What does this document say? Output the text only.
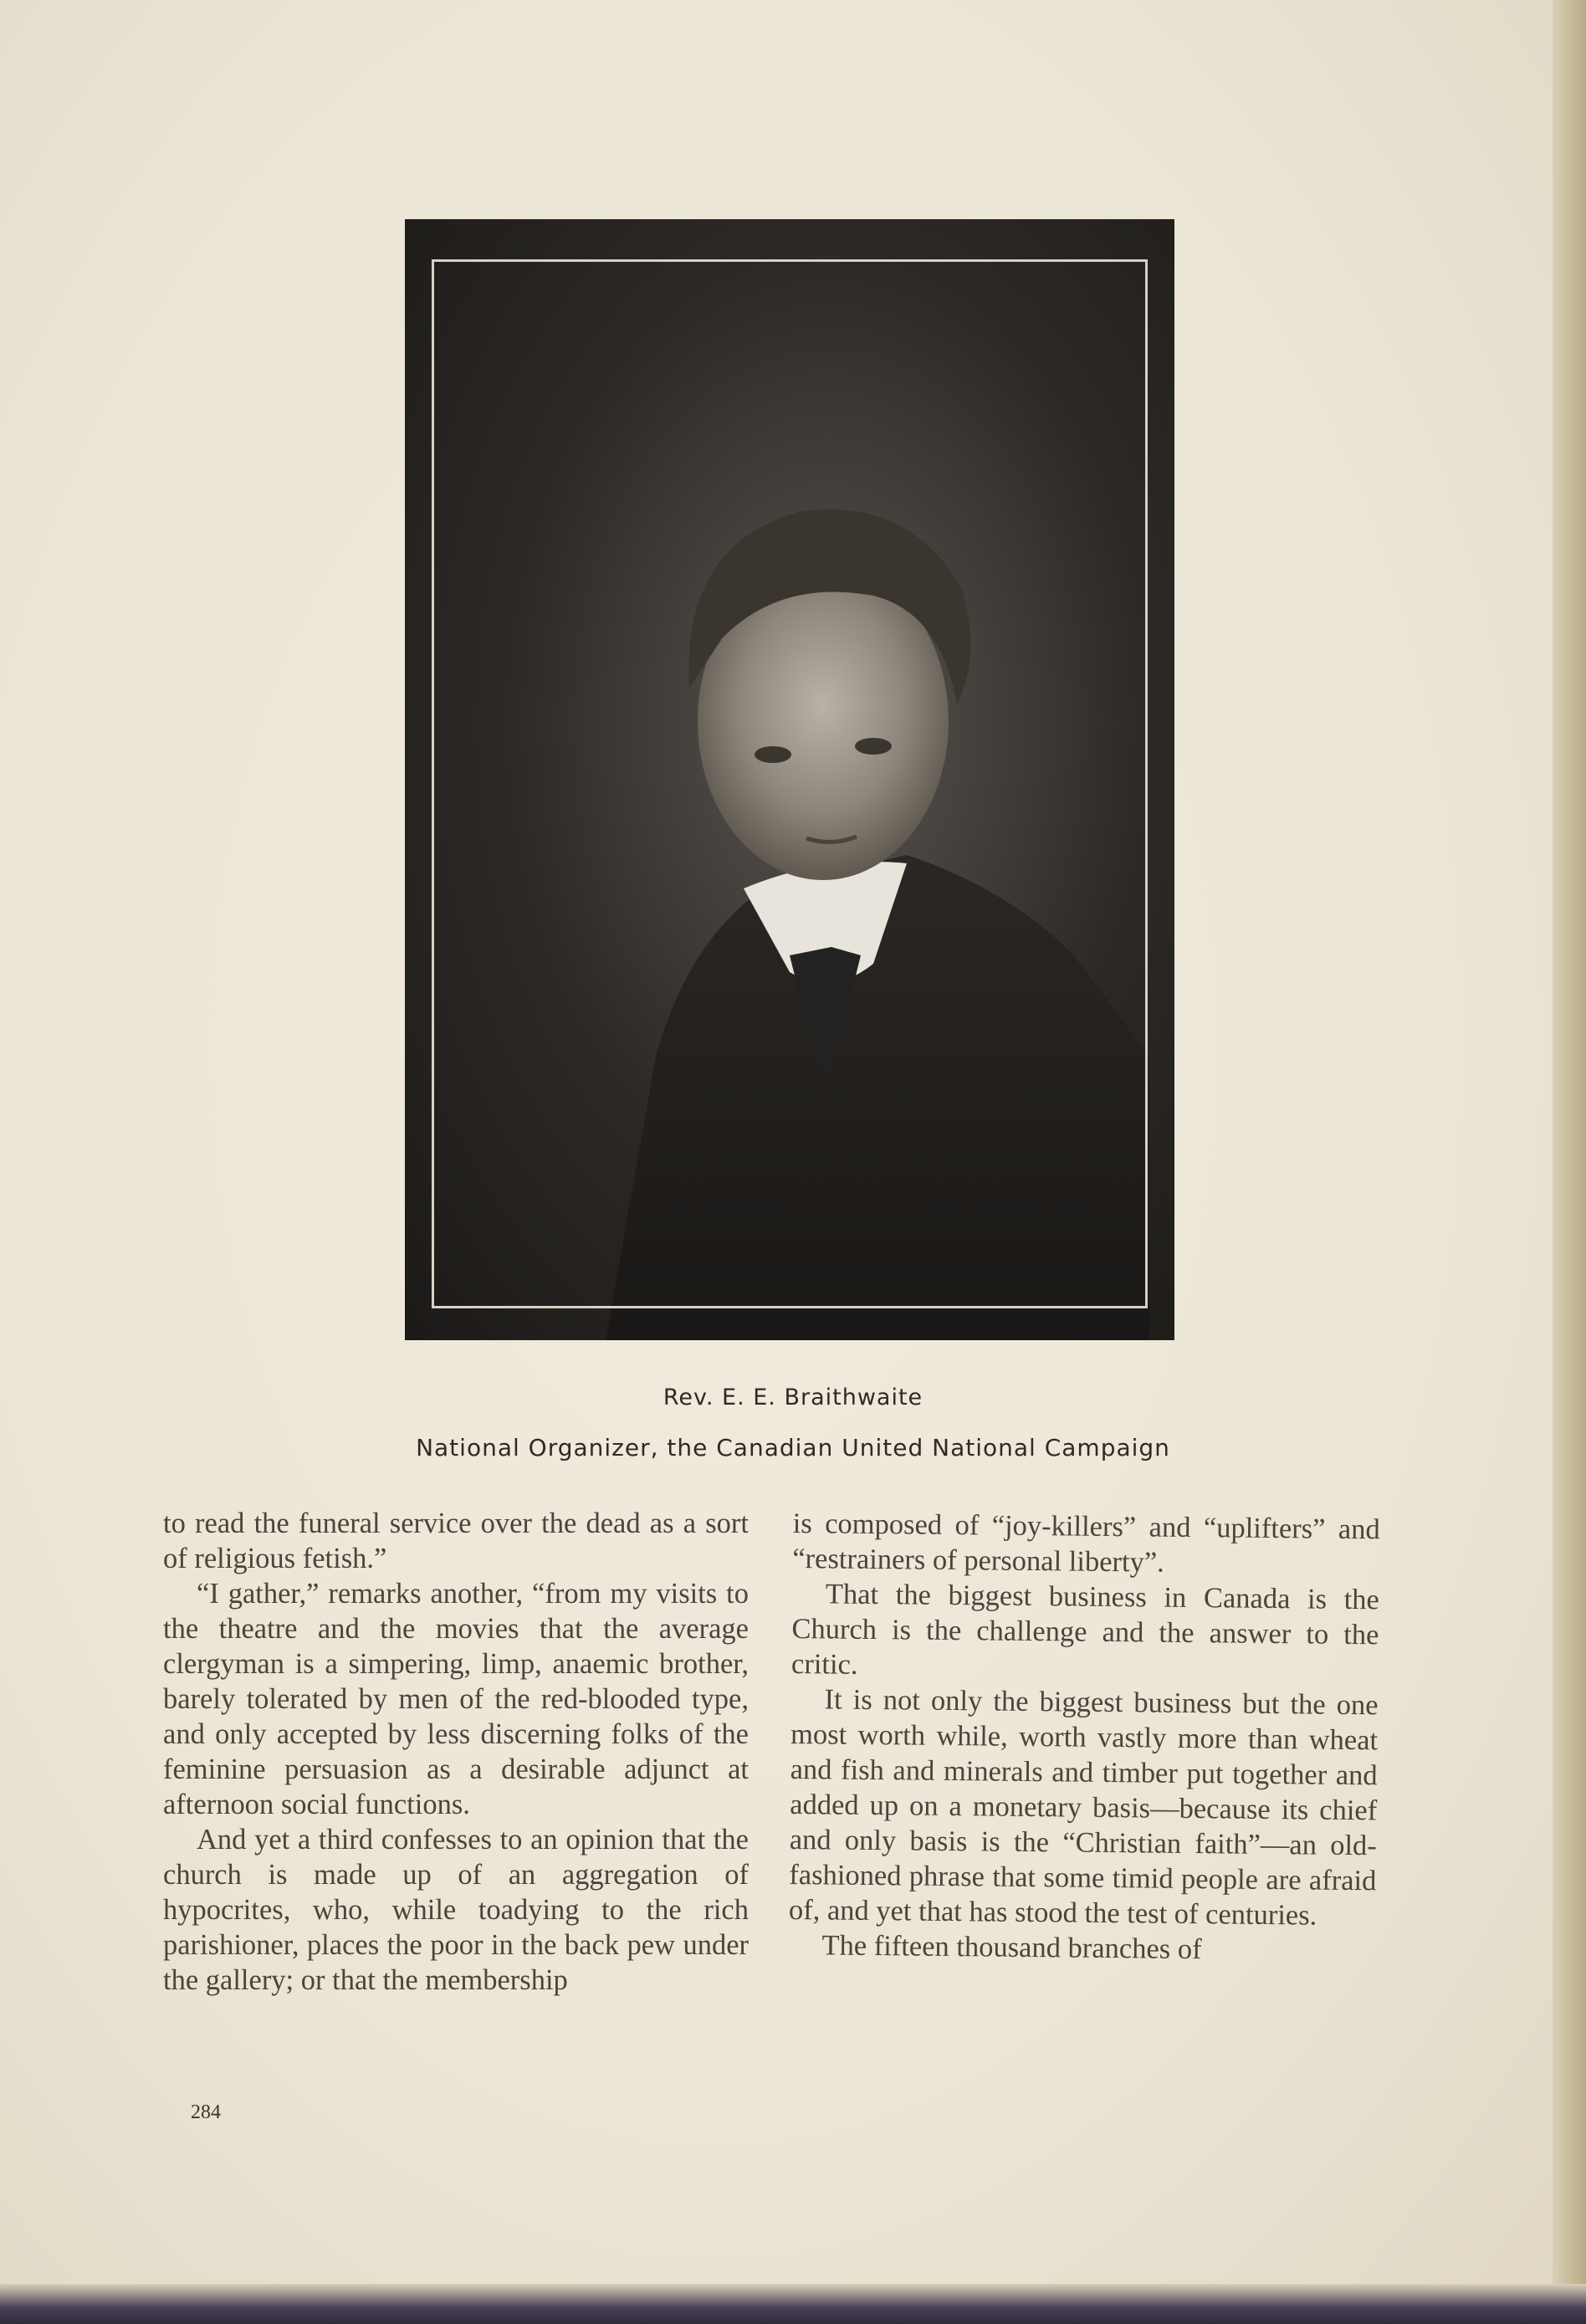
Rev. E. E. Braithwaite
National Organizer, the Canadian United National Campaign

to read the funeral service over the dead as a sort of religious fetish.”

“I gather,” remarks another, “from my visits to the theatre and the movies that the average clergyman is a simpering, limp, anaemic brother, barely tolerated by men of the red-blooded type, and only accepted by less discerning folks of the feminine persuasion as a desirable adjunct at afternoon social functions.

And yet a third confesses to an opinion that the church is made up of an aggregation of hypocrites, who, while toadying to the rich parishioner, places the poor in the back pew under the gallery; or that the membership

is composed of “joy-killers” and “uplifters” and “restrainers of personal liberty”.

That the biggest business in Canada is the Church is the challenge and the answer to the critic.

It is not only the biggest business but the one most worth while, worth vastly more than wheat and fish and minerals and timber put together and added up on a monetary basis—because its chief and only basis is the “Christian faith”—an old-fashioned phrase that some timid people are afraid of, and yet that has stood the test of centuries.

The fifteen thousand branches of

284
